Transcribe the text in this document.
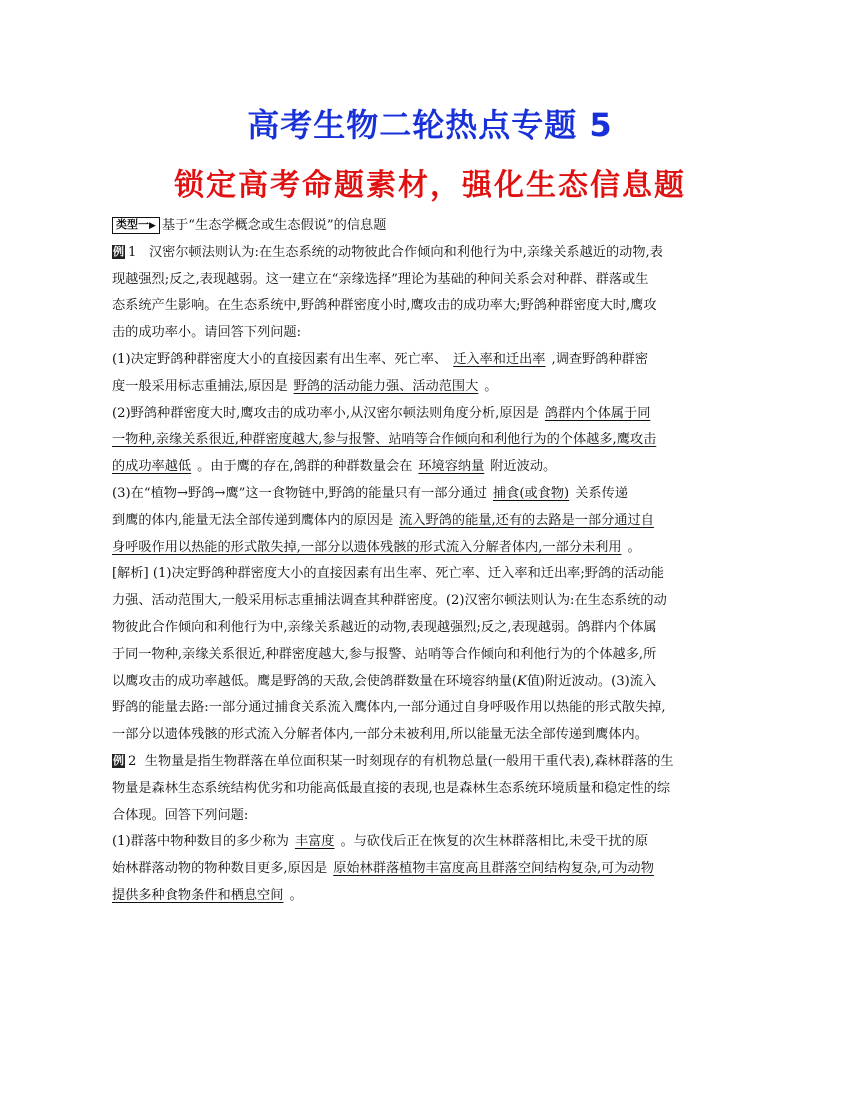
高考生物二轮热点专题 5
锁定高考命题素材，强化生态信息题
类型一▶ 基于“生态学概念或生态假说”的信息题
例 1 汉密尔顿法则认为:在生态系统的动物彼此合作倾向和利他行为中,亲缘关系越近的动物,表
现越强烈;反之,表现越弱。这一建立在“亲缘选择”理论为基础的种间关系会对种群、群落或生
态系统产生影响。在生态系统中,野鸽种群密度小时,鹰攻击的成功率大;野鸽种群密度大时,鹰攻
击的成功率小。请回答下列问题:
(1)决定野鸽种群密度大小的直接因素有出生率、死亡率、 迁入率和迁出率 ,调查野鸽种群密
度一般采用标志重捕法,原因是 野鸽的活动能力强、活动范围大 。
(2)野鸽种群密度大时,鹰攻击的成功率小,从汉密尔顿法则角度分析,原因是 鸽群内个体属于同
一物种,亲缘关系很近,种群密度越大,参与报警、站哨等合作倾向和利他行为的个体越多,鹰攻击
的成功率越低 。由于鹰的存在,鸽群的种群数量会在 环境容纳量 附近波动。
(3)在“植物→野鸽→鹰”这一食物链中,野鸽的能量只有一部分通过 捕食(或食物) 关系传递
到鹰的体内,能量无法全部传递到鹰体内的原因是 流入野鸽的能量,还有的去路是一部分通过自
身呼吸作用以热能的形式散失掉,一部分以遗体残骸的形式流入分解者体内,一部分未利用 。
[解析] (1)决定野鸽种群密度大小的直接因素有出生率、死亡率、迁入率和迁出率;野鸽的活动能
力强、活动范围大,一般采用标志重捕法调查其种群密度。(2)汉密尔顿法则认为:在生态系统的动
物彼此合作倾向和利他行为中,亲缘关系越近的动物,表现越强烈;反之,表现越弱。鸽群内个体属
于同一物种,亲缘关系很近,种群密度越大,参与报警、站哨等合作倾向和利他行为的个体越多,所
以鹰攻击的成功率越低。鹰是野鸽的天敌,会使鸽群数量在环境容纳量(K值)附近波动。(3)流入
野鸽的能量去路:一部分通过捕食关系流入鹰体内,一部分通过自身呼吸作用以热能的形式散失掉,
一部分以遗体残骸的形式流入分解者体内,一部分未被利用,所以能量无法全部传递到鹰体内。
例 2 生物量是指生物群落在单位面积某一时刻现存的有机物总量(一般用干重代表),森林群落的生
物量是森林生态系统结构优劣和功能高低最直接的表现,也是森林生态系统环境质量和稳定性的综
合体现。回答下列问题:
(1)群落中物种数目的多少称为 丰富度 。与砍伐后正在恢复的次生林群落相比,未受干扰的原
始林群落动物的物种数目更多,原因是 原始林群落植物丰富度高且群落空间结构复杂,可为动物
提供多种食物条件和栖息空间 。
